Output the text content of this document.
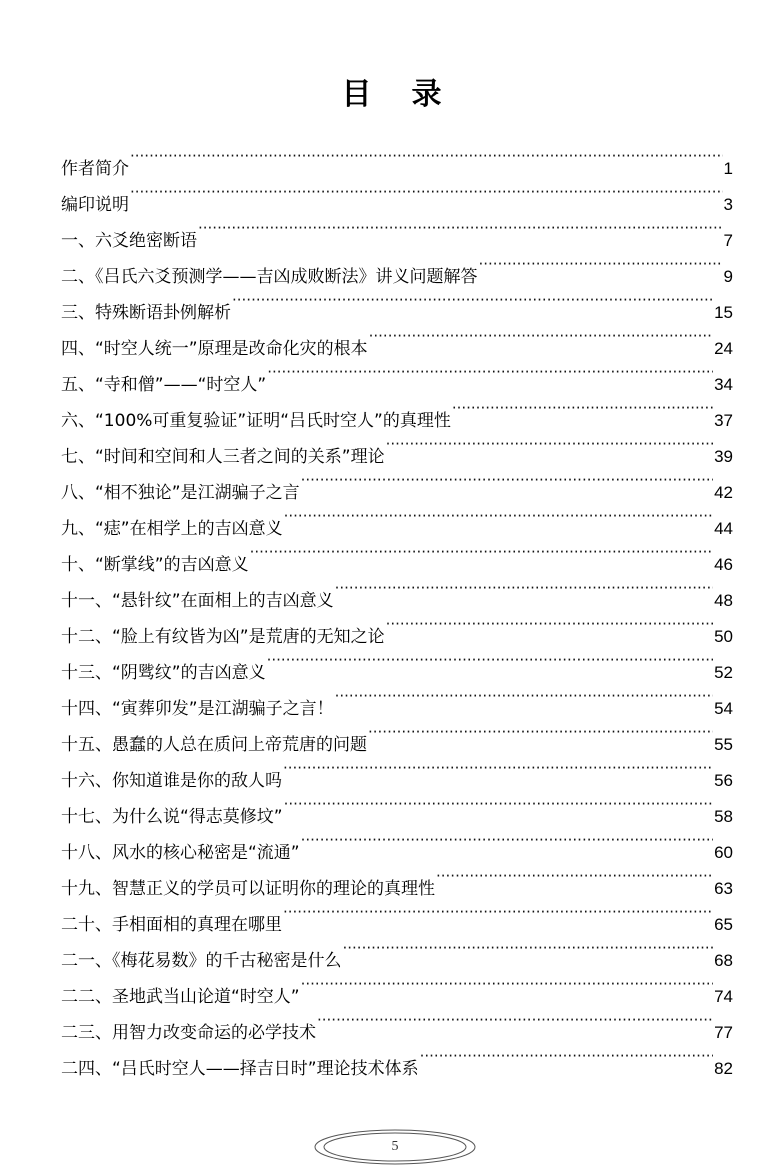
目录
作者简介 ·····	1
编印说明 ·····	3
一、六爻绝密断语 ·····	7
二、《吕氏六爻预测学——吉凶成败断法》讲义问题解答 ·····	9
三、特殊断语卦例解析 ·····	15
四、“时空人统一”原理是改命化灾的根本 ·····	24
五、“寺和僧”——“时空人” ·····	34
六、“100%可重复验证”证明“吕氏时空人”的真理性 ·····	37
七、“时间和空间和人三者之间的关系”理论 ·····	39
八、“相不独论”是江湖骗子之言 ·····	42
九、“痣”在相学上的吉凶意义 ·····	44
十、“断掌线”的吉凶意义 ·····	46
十一、“悬针纹”在面相上的吉凶意义 ·····	48
十二、“脸上有纹皆为凶”是荒唐的无知之论 ·····	50
十三、“阴骘纹”的吉凶意义 ·····	52
十四、“寅葬卯发”是江湖骗子之言！ ·····	54
十五、愚蠢的人总在质问上帝荒唐的问题 ·····	55
十六、你知道谁是你的敌人吗 ·····	56
十七、为什么说“得志莫修坟” ·····	58
十八、风水的核心秘密是“流通” ·····	60
十九、智慧正义的学员可以证明你的理论的真理性 ·····	63
二十、手相面相的真理在哪里 ·····	65
二一、《梅花易数》的千古秘密是什么 ·····	68
二二、圣地武当山论道“时空人” ·····	74
二三、用智力改变命运的必学技术 ·····	77
二四、“吕氏时空人——择吉日时”理论技术体系 ·····	82
5
